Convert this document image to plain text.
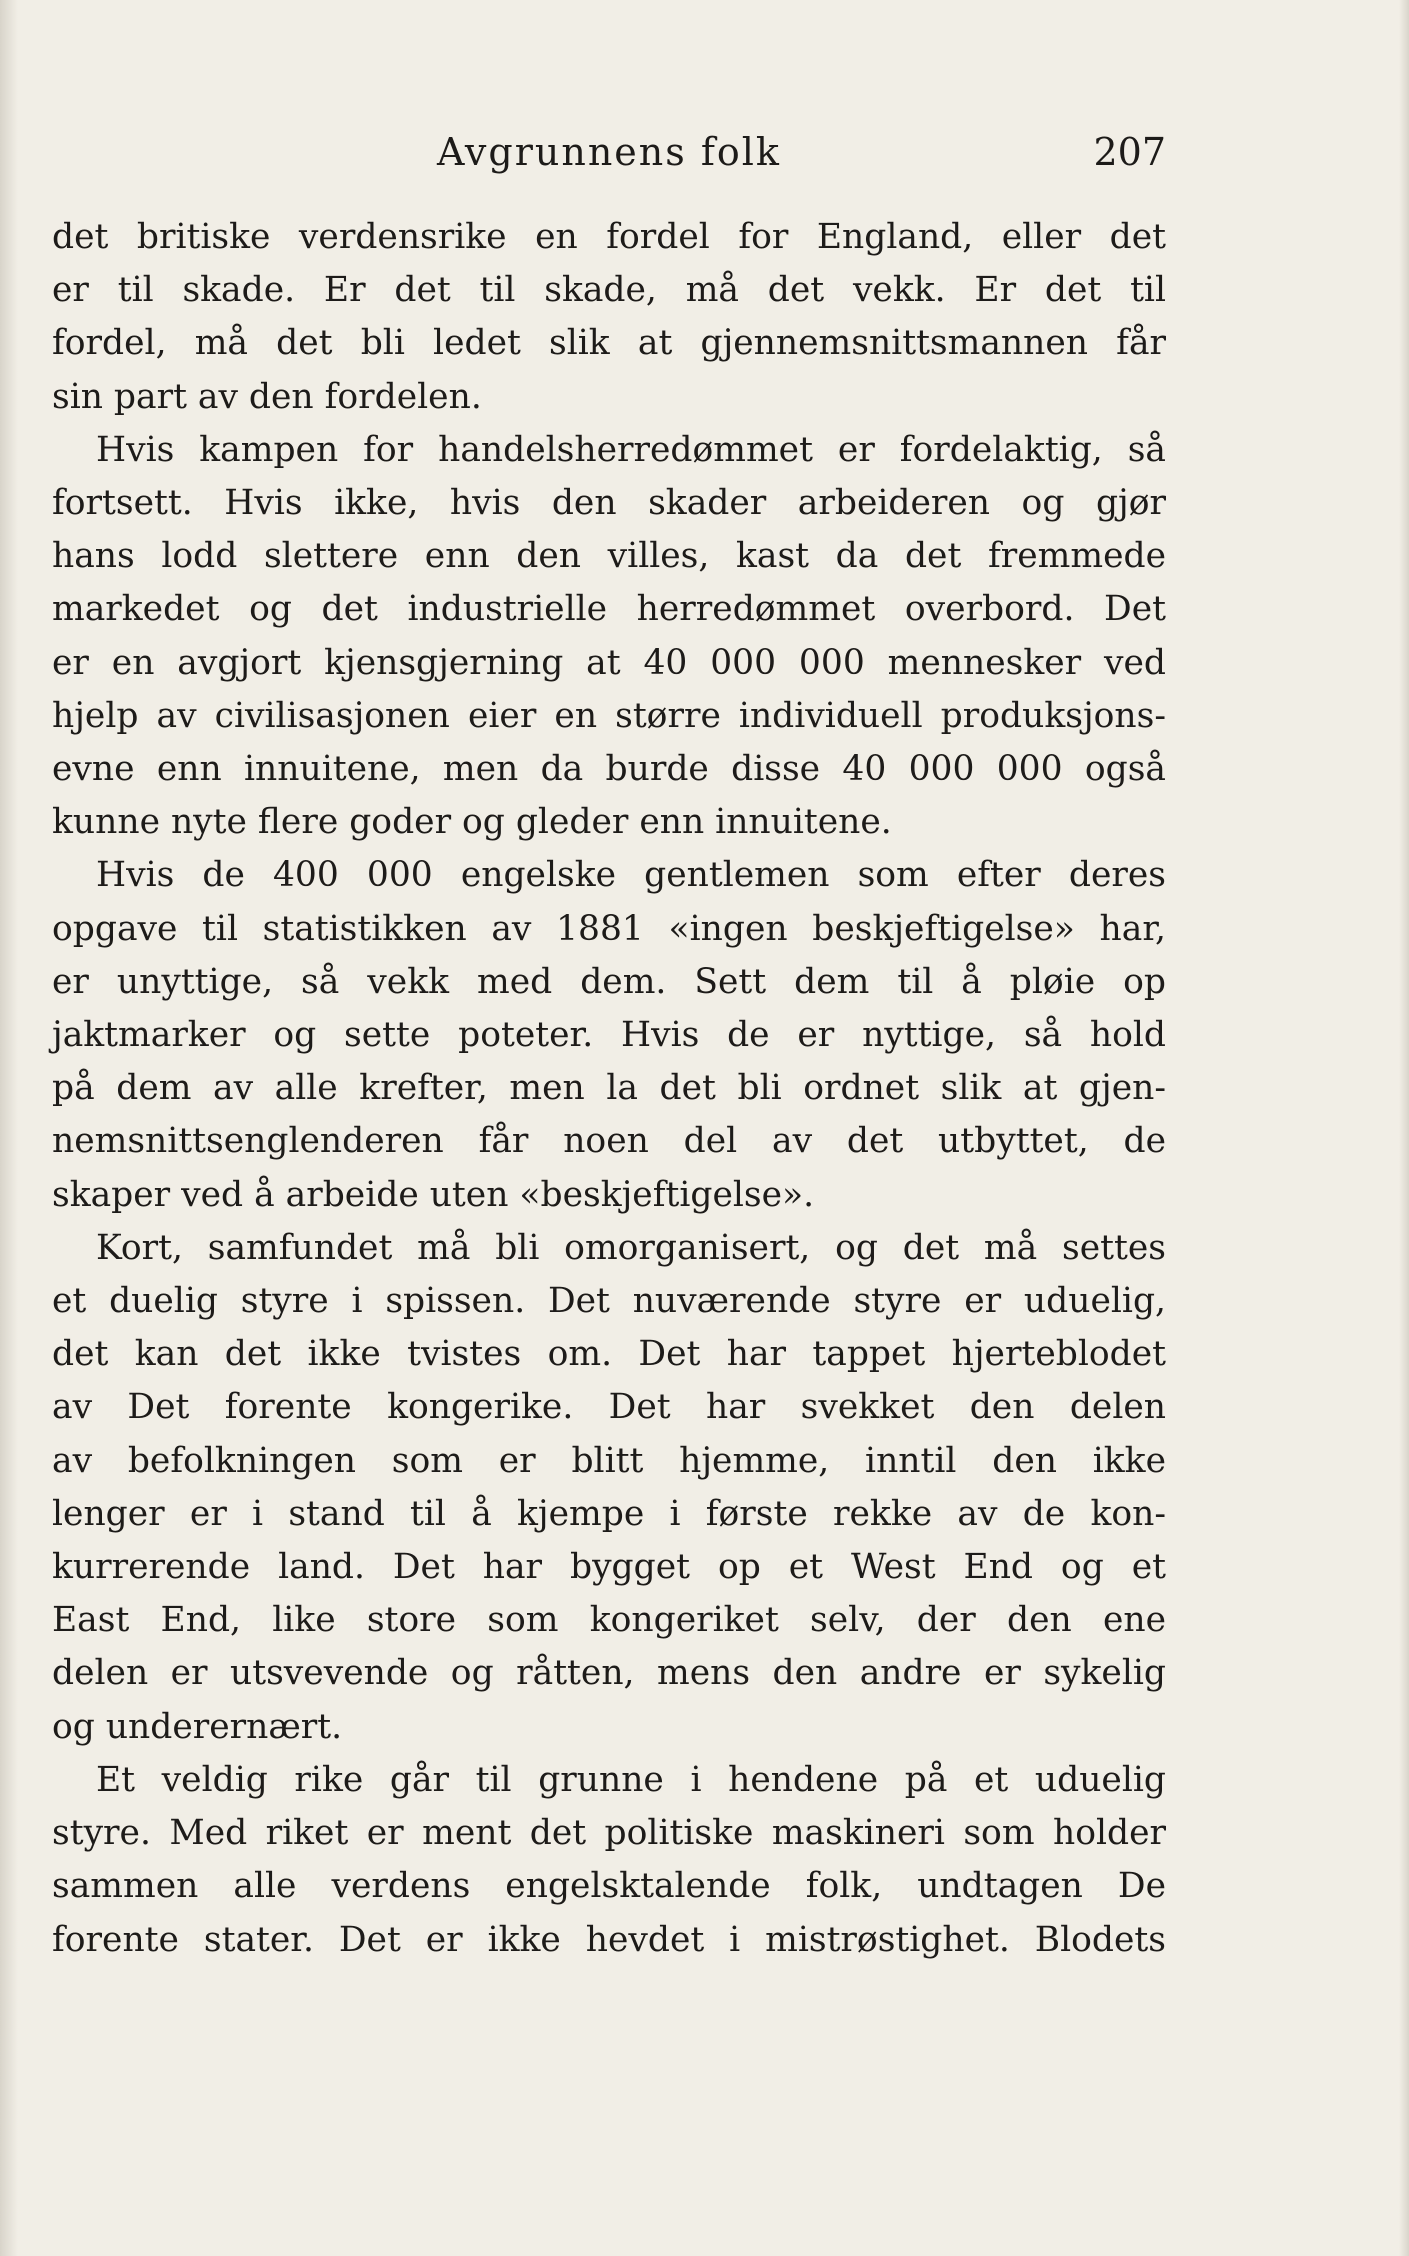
Avgrunnens folk	207

det britiske verdensrike en fordel for England, eller det
er til skade. Er det til skade, må det vekk. Er det til
fordel, må det bli ledet slik at gjennemsnittsmannen får
sin part av den fordelen.

Hvis kampen for handelsherredømmet er fordelaktig, så
fortsett. Hvis ikke, hvis den skader arbeideren og gjør
hans lodd slettere enn den villes, kast da det fremmede
markedet og det industrielle herredømmet overbord. Det
er en avgjort kjensgjerning at 40 000 000 mennesker ved
hjelp av civilisasjonen eier en større individuell produksjons-
evne enn innuitene, men da burde disse 40 000 000 også
kunne nyte flere goder og gleder enn innuitene.

Hvis de 400 000 engelske gentlemen som efter deres
opgave til statistikken av 1881 «ingen beskjeftigelse» har,
er unyttige, så vekk med dem. Sett dem til å pløie op
jaktmarker og sette poteter. Hvis de er nyttige, så hold
på dem av alle krefter, men la det bli ordnet slik at gjen-
nemsnittsenglenderen får noen del av det utbyttet, de
skaper ved å arbeide uten «beskjeftigelse».

Kort, samfundet må bli omorganisert, og det må settes
et duelig styre i spissen. Det nuværende styre er uduelig,
det kan det ikke tvistes om. Det har tappet hjerteblodet
av Det forente kongerike. Det har svekket den delen
av befolkningen som er blitt hjemme, inntil den ikke
lenger er i stand til å kjempe i første rekke av de kon-
kurrerende land. Det har bygget op et West End og et
East End, like store som kongeriket selv, der den ene
delen er utsvevende og råtten, mens den andre er sykelig
og underernært.

Et veldig rike går til grunne i hendene på et uduelig
styre. Med riket er ment det politiske maskineri som holder
sammen alle verdens engelsktalende folk, undtagen De
forente stater. Det er ikke hevdet i mistrøstighet. Blodets
